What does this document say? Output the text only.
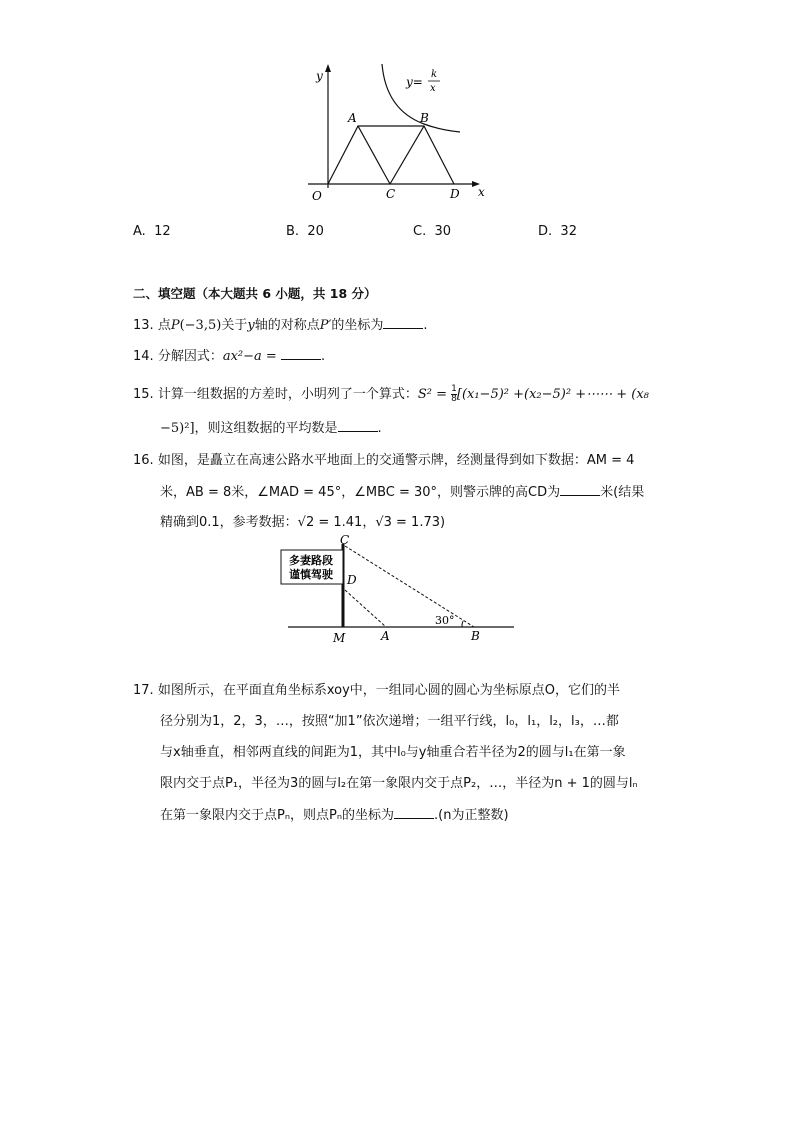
y
x
O
A	B
C	D
y=
k
x
A. 12	B. 20	C. 30	D. 32
二、填空题（本大题共 6 小题，共 18 分）
13. 点P(−3,5)关于y轴的对称点P′的坐标为	.
14. 分解因式：ax²−a =	.
15. 计算一组数据的方差时，小明列了一个算式：$S^2 = \frac{1}{8} [(x_1-5)^2 +(x_2-5)^2$ +⋯⋯ + (x₈
−5)²]，则这组数据的平均数是	.
16. 如图，是矗立在高速公路水平地面上的交通警示牌，经测量得到如下数据：AM = 4
米，AB = 8米，∠MAD = 45°，∠MBC = 30°，则警示牌的高CD为	米(结果
精确到0.1，参考数据：√2 = 1.41，√3 = 1.73)
多妻路段
谨慎驾驶
C
D
M	A	B
30°
17. 如图所示，在平面直角坐标系xoy中，一组同心圆的圆心为坐标原点O，它们的半
径分别为1，2，3，…，按照“加1”依次递增；一组平行线，l₀，l₁，l₂，l₃，…都
与x轴垂直，相邻两直线的间距为1，其中l₀与y轴重合若半径为2的圆与l₁在第一象
限内交于点P₁，半径为3的圆与l₂在第一象限内交于点P₂，…，半径为n + 1的圆与lₙ
在第一象限内交于点Pₙ，则点Pₙ的坐标为	.(n为正整数)
